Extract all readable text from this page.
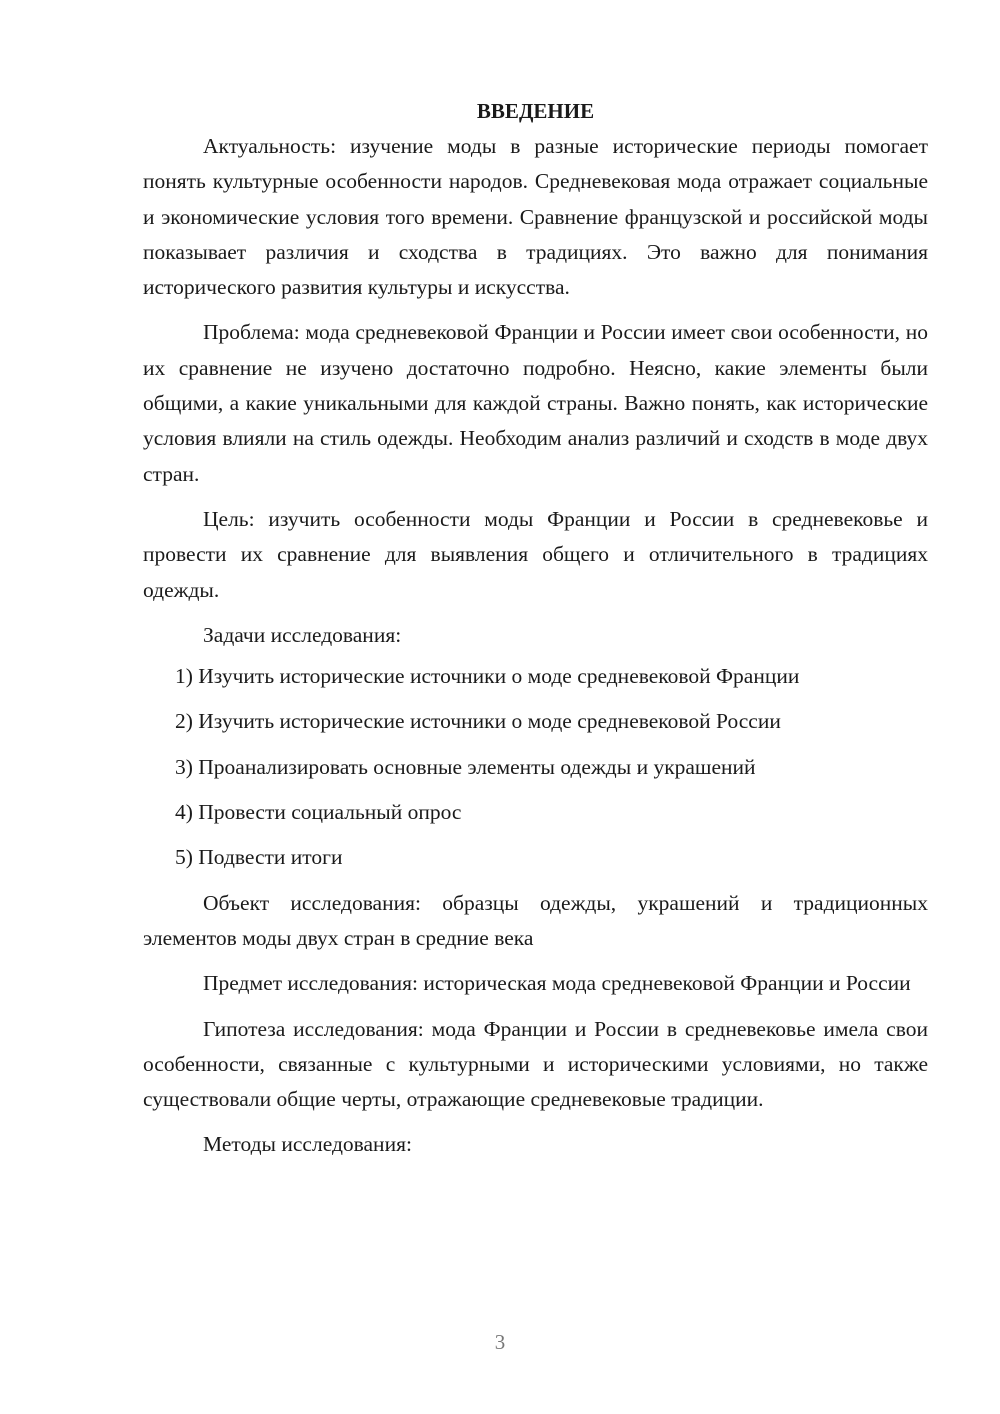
ВВЕДЕНИЕ

Актуальность: изучение моды в разные исторические периоды помогает понять культурные особенности народов. Средневековая мода отражает социальные и экономические условия того времени. Сравнение французской и российской моды показывает различия и сходства в традициях. Это важно для понимания исторического развития культуры и искусства.

Проблема: мода средневековой Франции и России имеет свои особенности, но их сравнение не изучено достаточно подробно. Неясно, какие элементы были общими, а какие уникальными для каждой страны. Важно понять, как исторические условия влияли на стиль одежды. Необходим анализ различий и сходств в моде двух стран.

Цель: изучить особенности моды Франции и России в средневековье и провести их сравнение для выявления общего и отличительного в традициях одежды.

Задачи исследования:

1) Изучить исторические источники о моде средневековой Франции
2) Изучить исторические источники о моде средневековой России
3) Проанализировать основные элементы одежды и украшений
4) Провести социальный опрос
5) Подвести итоги

Объект исследования: образцы одежды, украшений и традиционных элементов моды двух стран в средние века

Предмет исследования: историческая мода средневековой Франции и России

Гипотеза исследования: мода Франции и России в средневековье имела свои особенности, связанные с культурными и историческими условиями, но также существовали общие черты, отражающие средневековые традиции.

Методы исследования:

3
